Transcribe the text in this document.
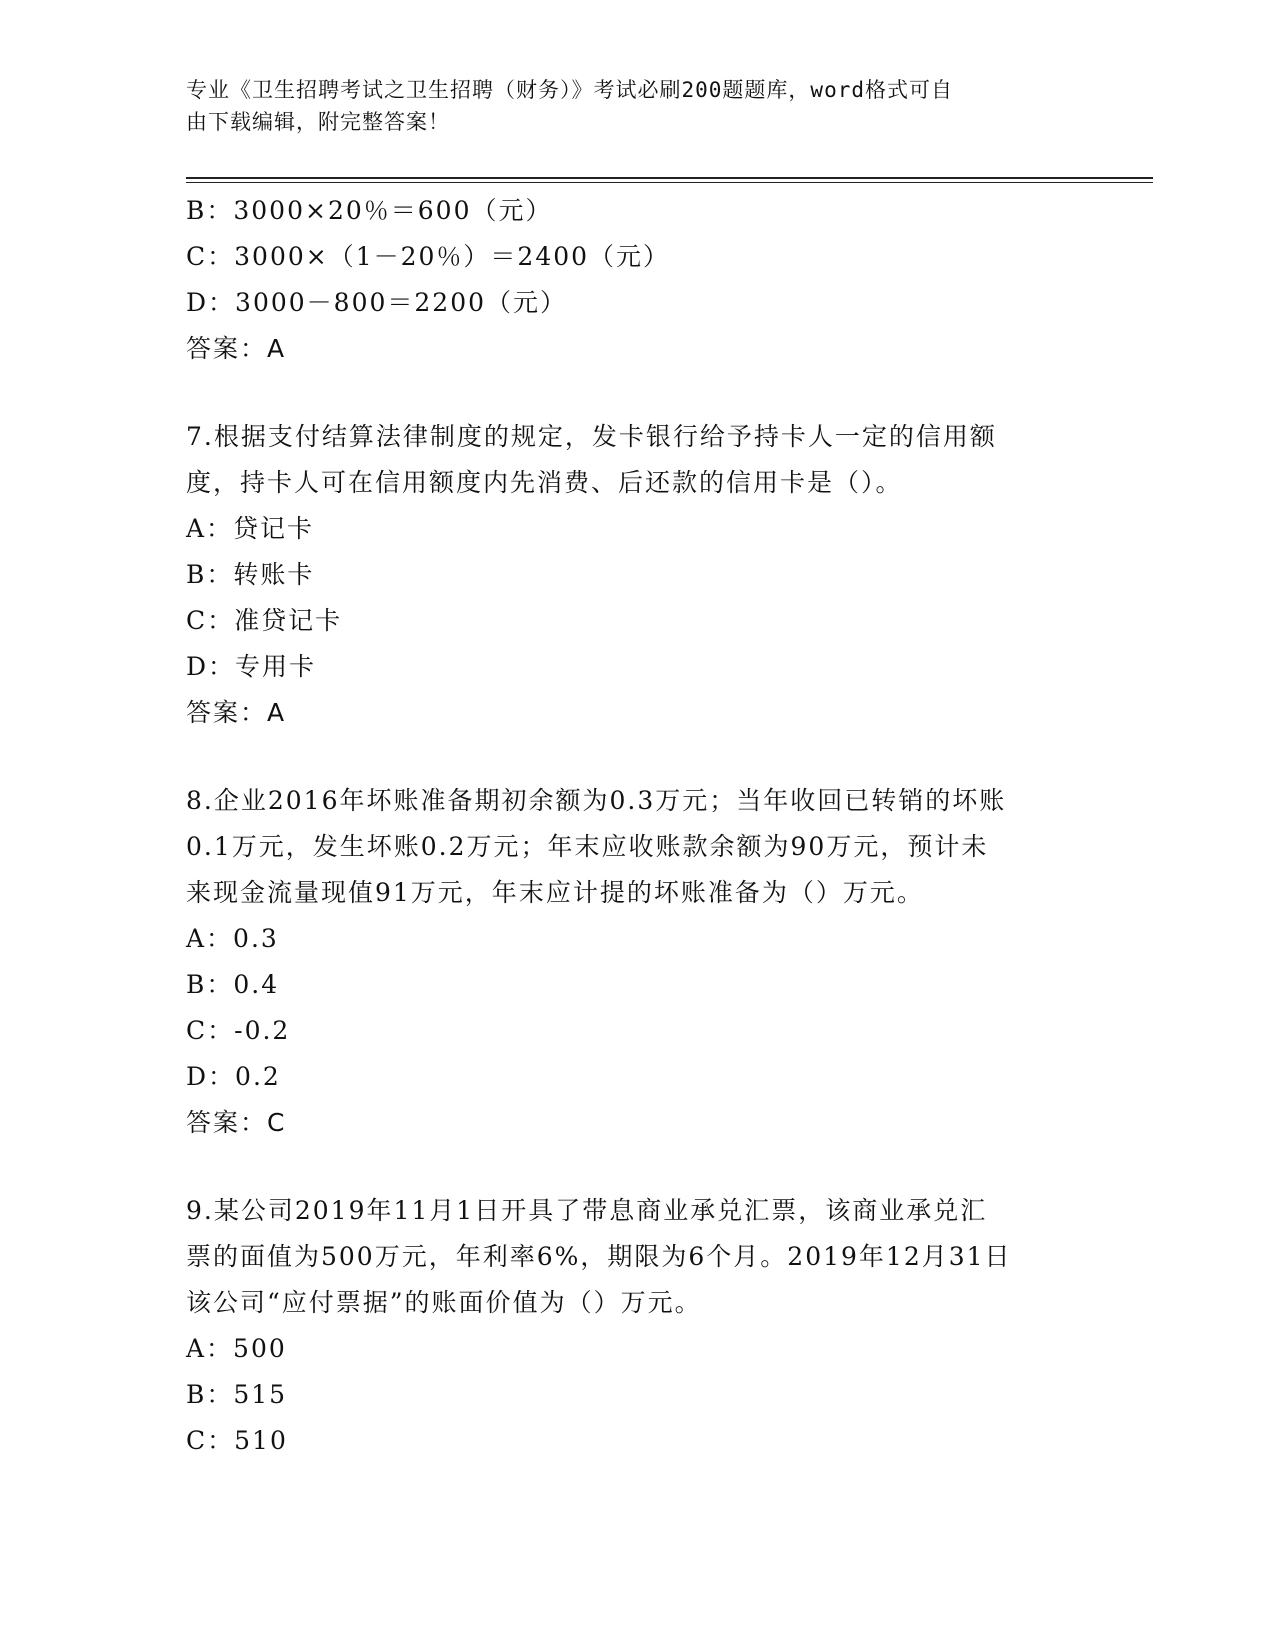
专业《卫生招聘考试之卫生招聘（财务）》考试必刷200题题库，word格式可自
由下载编辑，附完整答案！
B：3000×20％＝600（元）
C：3000×（1－20％）＝2400（元）
D：3000－800＝2200（元）
答案：A
7.根据支付结算法律制度的规定，发卡银行给予持卡人一定的信用额
度，持卡人可在信用额度内先消费、后还款的信用卡是（）。
A：贷记卡
B：转账卡
C：准贷记卡
D：专用卡
答案：A
8.企业2016年坏账准备期初余额为0.3万元；当年收回已转销的坏账
0.1万元，发生坏账0.2万元；年末应收账款余额为90万元，预计未
来现金流量现值91万元，年末应计提的坏账准备为（）万元。
A：0.3
B：0.4
C：-0.2
D：0.2
答案：C
9.某公司2019年11月1日开具了带息商业承兑汇票，该商业承兑汇
票的面值为500万元，年利率6%，期限为6个月。2019年12月31日
该公司“应付票据”的账面价值为（）万元。
A：500
B：515
C：510
